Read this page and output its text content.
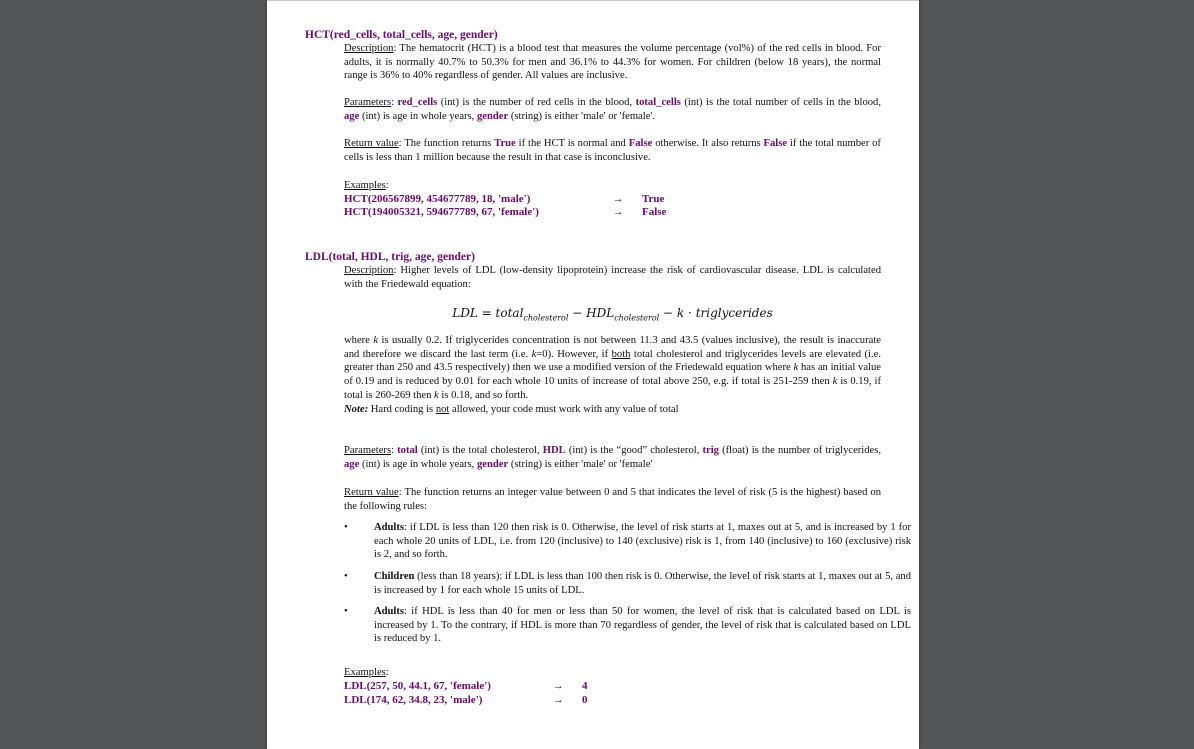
HCT(red_cells, total_cells, age, gender)
Description: The hematocrit (HCT) is a blood test that measures the volume percentage (vol%) of the red cells in blood. For adults, it is normally 40.7% to 50.3% for men and 36.1% to 44.3% for women. For children (below 18 years), the normal range is 36% to 40% regardless of gender. All values are inclusive.
Parameters: red_cells (int) is the number of red cells in the blood, total_cells (int) is the total number of cells in the blood, age (int) is age in whole years, gender (string) is either 'male' or 'female'.
Return value: The function returns True if the HCT is normal and False otherwise. It also returns False if the total number of cells is less than 1 million because the result in that case is inconclusive.
Examples:
HCT(206567899, 454677789, 18, 'male')	→ True
HCT(194005321, 594677789, 67, 'female')	→ False
LDL(total, HDL, trig, age, gender)
Description: Higher levels of LDL (low-density lipoprotein) increase the risk of cardiovascular disease. LDL is calculated with the Friedewald equation:
LDL = total$_{cholesterol}$ − $HDL_{cholesterol} - k$ · triglycerides
where k is usually 0.2. If triglycerides concentration is not between 11.3 and 43.5 (values inclusive), the result is inaccurate and therefore we discard the last term (i.e. k=0). However, if both total cholesterol and triglycerides levels are elevated (i.e. greater than 250 and 43.5 respectively) then we use a modified version of the Friedewald equation where k has an initial value of 0.19 and is reduced by 0.01 for each whole 10 units of increase of total above 250, e.g. if total is 251-259 then k is 0.19, if total is 260-269 then k is 0.18, and so forth.
Note: Hard coding is not allowed, your code must work with any value of total
Parameters: total (int) is the total cholesterol, HDL (int) is the “good” cholesterol, trig (float) is the number of triglycerides, age (int) is age in whole years, gender (string) is either 'male' or 'female'
Return value: The function returns an integer value between 0 and 5 that indicates the level of risk (5 is the highest) based on the following rules:
• Adults: if LDL is less than 120 then risk is 0. Otherwise, the level of risk starts at 1, maxes out at 5, and is increased by 1 for each whole 20 units of LDL, i.e. from 120 (inclusive) to 140 (exclusive) risk is 1, from 140 (inclusive) to 160 (exclusive) risk is 2, and so forth.
• Children (less than 18 years): if LDL is less than 100 then risk is 0. Otherwise, the level of risk starts at 1, maxes out at 5, and is increased by 1 for each whole 15 units of LDL.
• Adults: if HDL is less than 40 for men or less than 50 for women, the level of risk that is calculated based on LDL is increased by 1. To the contrary, if HDL is more than 70 regardless of gender, the level of risk that is calculated based on LDL is reduced by 1.
Examples:
LDL(257, 50, 44.1, 67, 'female')	→ 4
LDL(174, 62, 34.8, 23, 'male')	→ 0
